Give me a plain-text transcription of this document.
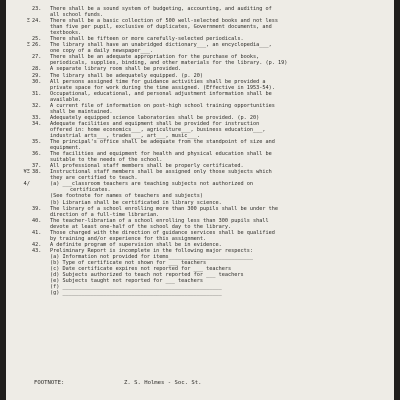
23.	There shall be a sound system of budgeting, accounting, and auditing of
all school funds.
Ξ 24.	There shall be a basic collection of 500 well-selected books and not less
than five per pupil, exclusive of duplicates, Government documents, and
textbooks.
25.	There shall be fifteen or more carefully-selected periodicals.
Ξ 26.	The library shall have an unabridged dictionary___, an encyclopedia___,
one copy of a daily newspaper___.
27.	There shall be an adequate appropriation for the purchase of books,
periodicals, supplies, binding, and other materials for the library. (p. 19)
28.	A separate library room shall be provided.
29.	The library shall be adequately equipped. (p. 20)
30.	All persons assigned time for guidance activities shall be provided a
private space for work during the time assigned. (Effective in 1953-54).
31.	Occupational, educational, and personal adjustment information shall be
available.
32.	A current file of information on post-high school training opportunities
shall be maintained.
33.	Adequately equipped science laboratories shall be provided. (p. 20)
34.	Adequate facilities and equipment shall be provided for instruction
offered in: home economics___, agriculture___, business education___,
industrial arts___, trades___, art___, music___.
35.	The principal's office shall be adequate from the standpoint of size and
equipment.
36.	The facilities and equipment for health and physical education shall be
suitable to the needs of the school.
37.	All professional staff members shall be properly certificated.
¥Ξ 38.	Instructional staff members shall be assigned only those subjects which
they are certified to teach.
4/	(a) ___classroom teachers are teaching subjects not authorized on
certificates.
(See footnote for names of teachers and subjects)
(b) Librarian shall be certificated in library science.
39.	The library of a school enrolling more than 300 pupils shall be under the
direction of a full-time librarian.
40.	The teacher-librarian of a school enrolling less than 300 pupils shall
devote at least one-half of the school day to the library.
41.	Those charged with the direction of guidance services shall be qualified
by training and/or experience for this assignment.
42.	A definite program of supervision shall be in evidence.
43.	Preliminary Report is incomplete in the following major respects:
(a) Information not provided for items___________________________
(b) Type of certificate not shown for ___ teachers
(c) Date certificate expires not reported for ___ teachers
(d) Subjects authorized to teach not reported for ___ teachers
(e) Subjects taught not reported for ___ teachers
(f) ___________________________________________________
(g) ___________________________________________________
FOOTNOTE:	Z. S. Holmes - Soc. St.
